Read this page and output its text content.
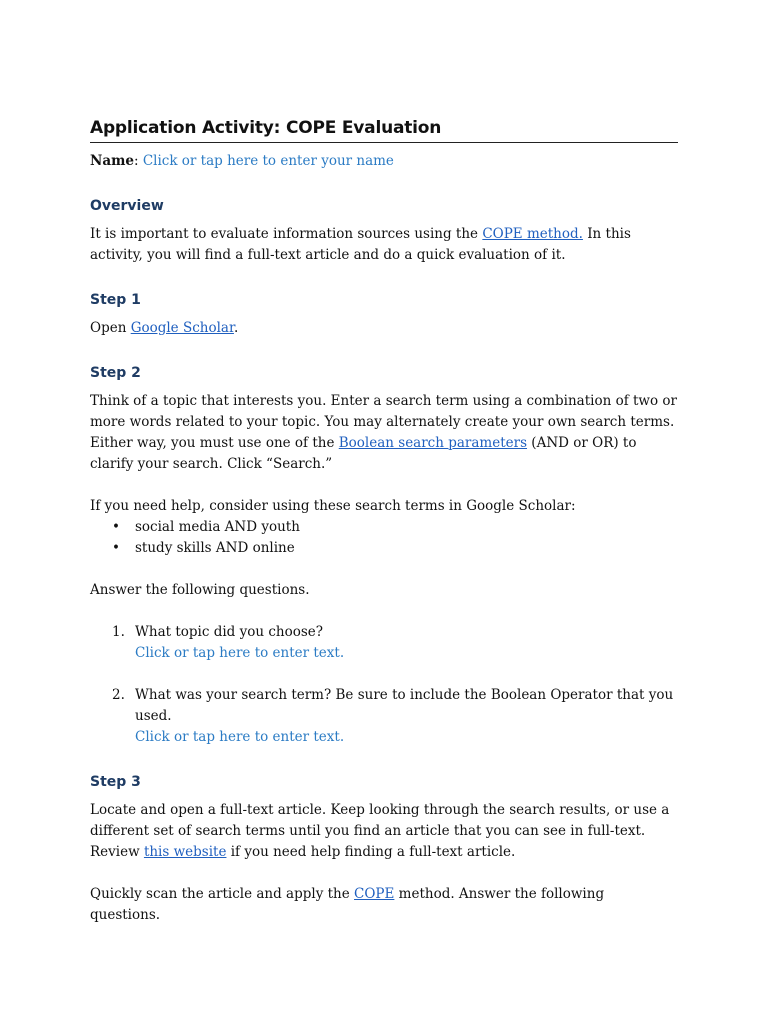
Application Activity: COPE Evaluation

Name: Click or tap here to enter your name

Overview

It is important to evaluate information sources using the COPE method. In this activity, you will find a full-text article and do a quick evaluation of it.

Step 1

Open Google Scholar.

Step 2

Think of a topic that interests you. Enter a search term using a combination of two or more words related to your topic. You may alternately create your own search terms. Either way, you must use one of the Boolean search parameters (AND or OR) to clarify your search. Click “Search.”

If you need help, consider using these search terms in Google Scholar:

• social media AND youth
• study skills AND online

Answer the following questions.

1. What topic did you choose?
Click or tap here to enter text.
2. What was your search term? Be sure to include the Boolean Operator that you used.
Click or tap here to enter text.
Step 3

Locate and open a full-text article. Keep looking through the search results, or use a different set of search terms until you find an article that you can see in full-text. Review this website if you need help finding a full-text article.

Quickly scan the article and apply the COPE method. Answer the following questions.
